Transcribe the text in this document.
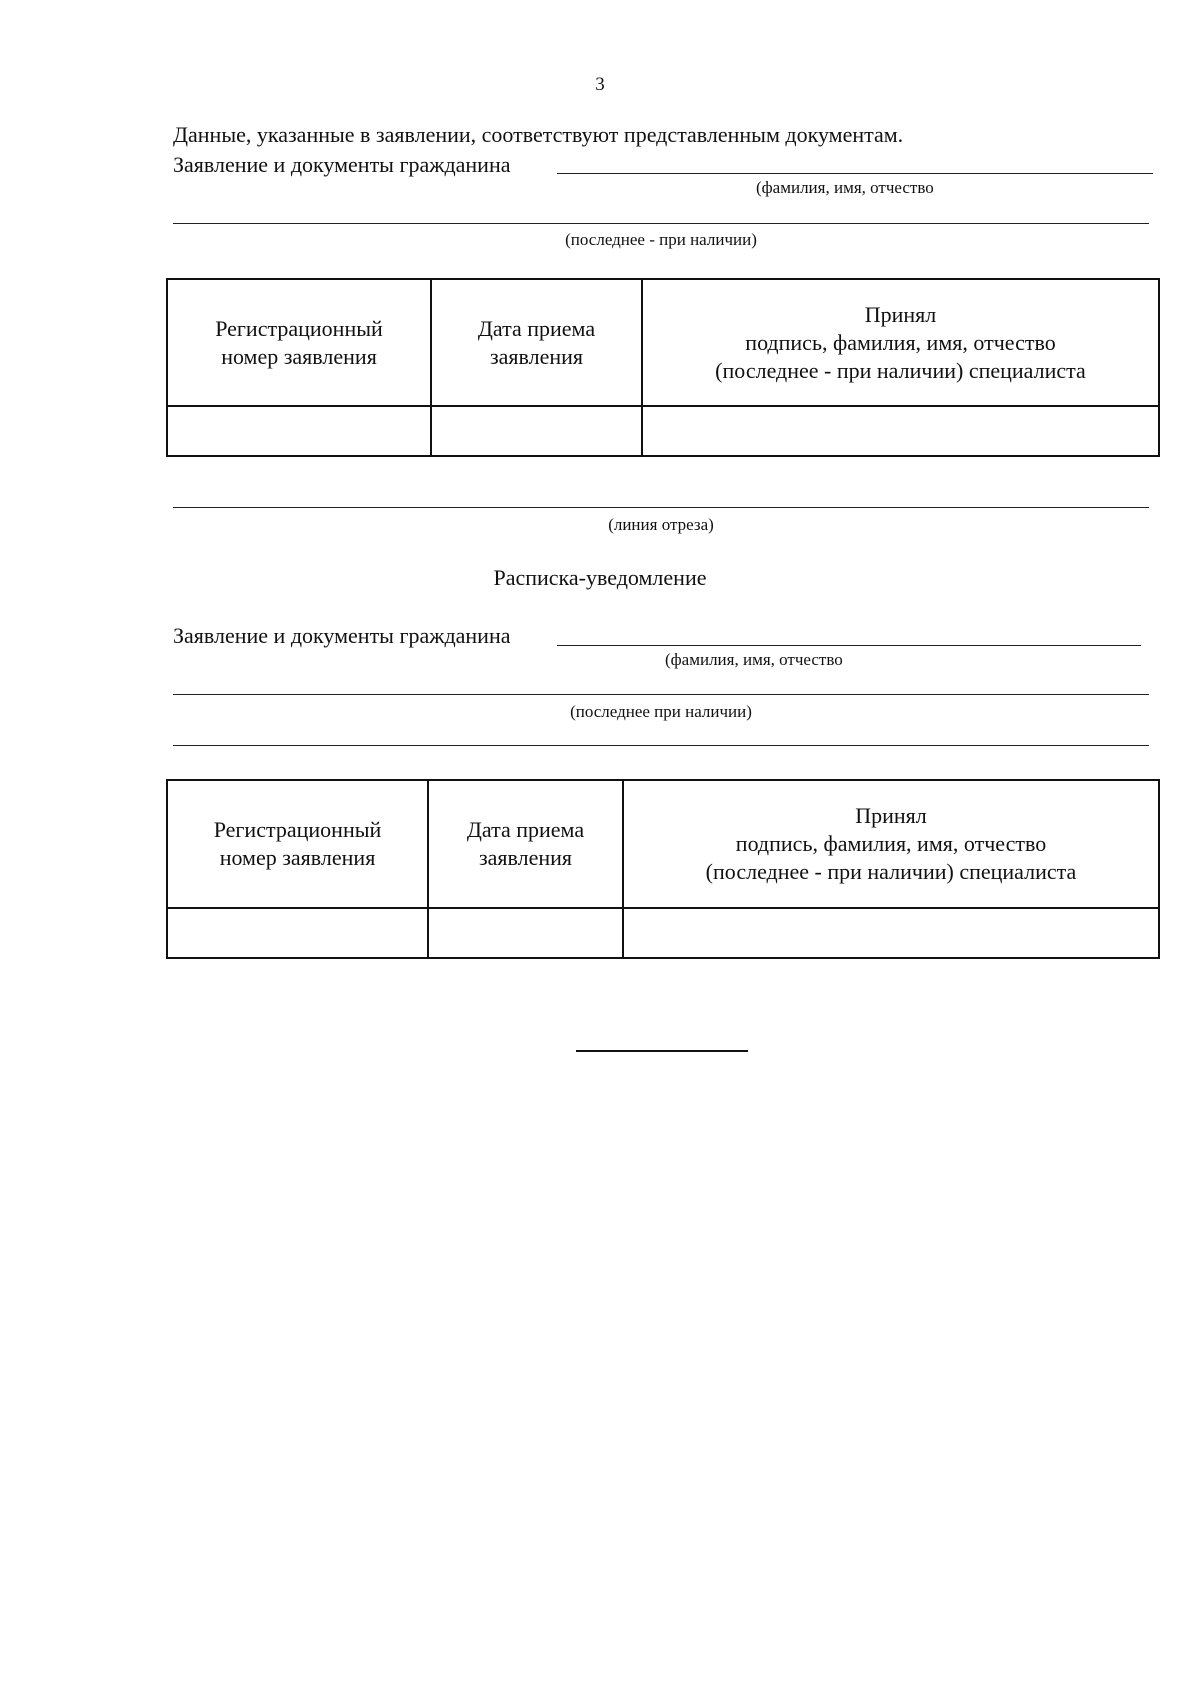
3
Данные, указанные в заявлении, соответствуют представленным документам.
Заявление и документы гражданина
(фамилия, имя, отчество
(последнее - при наличии)
Регистрационный номер заявления	Дата приема заявления	Принял
подпись, фамилия, имя, отчество
(последнее - при наличии) специалиста

(линия отреза)
Расписка-уведомление
Заявление и документы гражданина
(фамилия, имя, отчество
(последнее при наличии)
Регистрационный номер заявления	Дата приема заявления	Принял
подпись, фамилия, имя, отчество
(последнее - при наличии) специалиста
